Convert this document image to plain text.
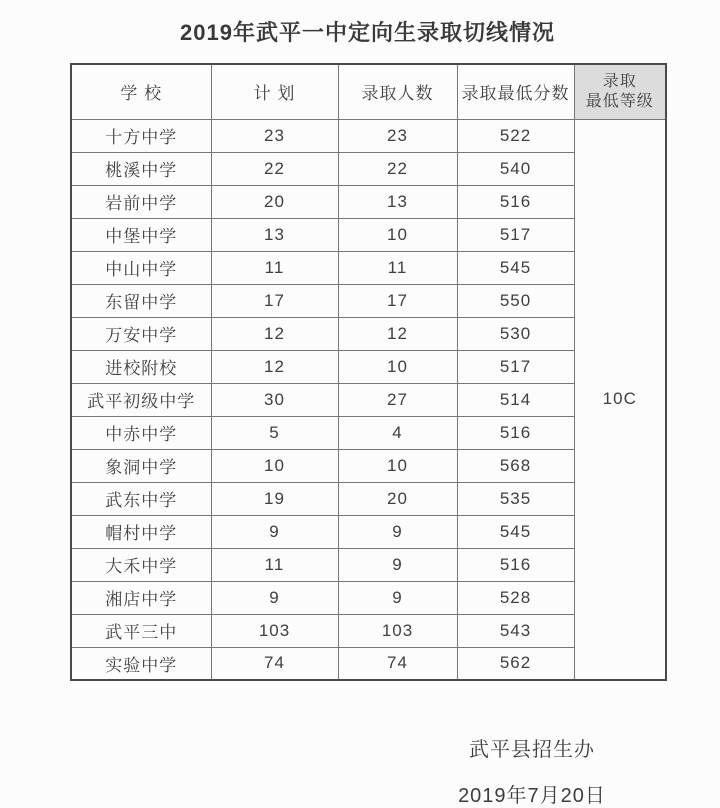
2019年武平一中定向生录取切线情况
学 校	计 划	录取人数	录取最低分数	录取
最低等级
十方中学	23	23	522	10C
桃溪中学	22	22	540	
岩前中学	20	13	516	
中堡中学	13	10	517	
中山中学	11	11	545	
东留中学	17	17	550	
万安中学	12	12	530	
进校附校	12	10	517	
武平初级中学	30	27	514	
中赤中学	5	4	516	
象洞中学	10	10	568	
武东中学	19	20	535	
帽村中学	9	9	545	
大禾中学	11	9	516	
湘店中学	9	9	528	
武平三中	103	103	543	
实验中学	74	74	562	
武平县招生办
2019年7月20日
